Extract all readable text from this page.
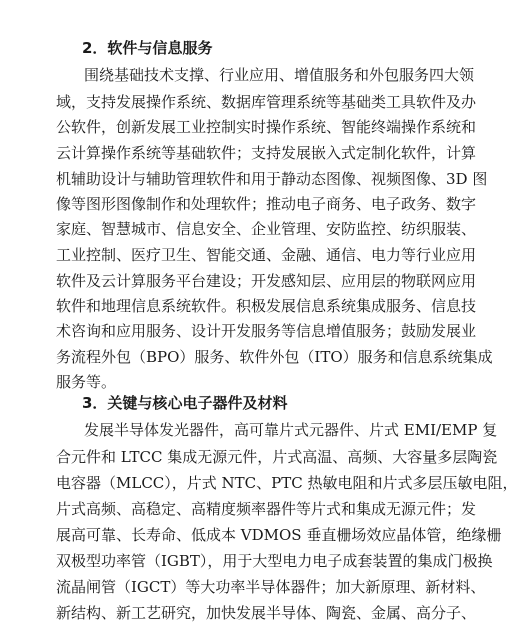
2．软件与信息服务

围绕基础技术支撑、行业应用、增值服务和外包服务四大领

域，支持发展操作系统、数据库管理系统等基础类工具软件及办

公软件，创新发展工业控制实时操作系统、智能终端操作系统和

云计算操作系统等基础软件；支持发展嵌入式定制化软件，计算

机辅助设计与辅助管理软件和用于静动态图像、视频图像、3D 图

像等图形图像制作和处理软件；推动电子商务、电子政务、数字

家庭、智慧城市、信息安全、企业管理、安防监控、纺织服装、

工业控制、医疗卫生、智能交通、金融、通信、电力等行业应用

软件及云计算服务平台建设；开发感知层、应用层的物联网应用

软件和地理信息系统软件。积极发展信息系统集成服务、信息技

术咨询和应用服务、设计开发服务等信息增值服务；鼓励发展业

务流程外包（BPO）服务、软件外包（ITO）服务和信息系统集成

服务等。

3．关键与核心电子器件及材料

发展半导体发光器件，高可靠片式元器件、片式 EMI/EMP 复

合元件和 LTCC 集成无源元件，片式高温、高频、大容量多层陶瓷

电容器（MLCC），片式 NTC、PTC 热敏电阻和片式多层压敏电阻，

片式高频、高稳定、高精度频率器件等片式和集成无源元件；发

展高可靠、长寿命、低成本 VDMOS 垂直栅场效应晶体管，绝缘栅

双极型功率管（IGBT），用于大型电力电子成套装置的集成门极换

流晶闸管（IGCT）等大功率半导体器件；加大新原理、新材料、

新结构、新工艺研究，加快发展半导体、陶瓷、金属、高分子、
